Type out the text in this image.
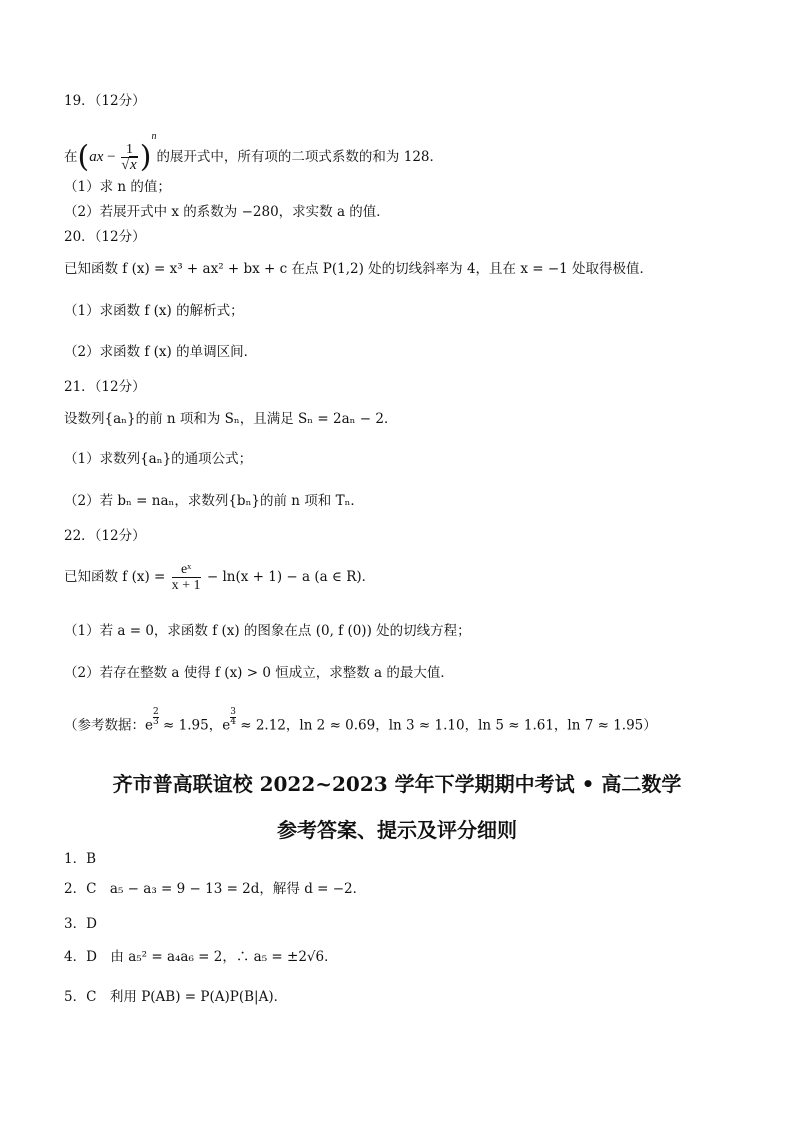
19．（12分）
在$(ax - \frac{1}{√x} )^n$的展开式中，所有项的二项式系数的和为 128．
（1）求 n 的值；
（2）若展开式中 x 的系数为 −280，求实数 a 的值．
20．（12分）
已知函数 f (x) = x³ + ax² + bx + c 在点 P(1,2) 处的切线斜率为 4，且在 x = −1 处取得极值．
（1）求函数 f (x) 的解析式；
（2）求函数 f (x) 的单调区间．
21．（12分）
设数列{aₙ}的前 n 项和为 Sₙ，且满足 Sₙ = 2aₙ − 2．
（1）求数列{aₙ}的通项公式；
（2）若 bₙ = naₙ，求数列{bₙ}的前 n 项和 Tₙ．
22．（12分）
已知函数 f $(x) = \frac{\text{eˣ}}{x + 1} - \ln(x + 1) - a$ (a ∈ R)．
（1）若 a = 0，求函数 f (x) 的图象在点 (0, f (0)) 处的切线方程；
（2）若存在整数 a 使得 f (x) > 0 恒成立，求整数 a 的最大值．
（参考数据：e $\frac{2}{3} \approx 1.95$，e $\frac{3}{4} \approx 2.12$，ln 2 ≈ 0.69，ln 3 ≈ 1.10，ln 5 ≈ 1.61，ln 7 ≈ 1.95）
齐市普高联谊校 2022~2023 学年下学期期中考试 • 高二数学
参考答案、提示及评分细则
1．B
2．C　a₅ − a₃ = 9 − 13 = 2d，解得 d = −2．
3．D
4．D　由 a₅² = a₄a₆ = 2，∴ a₅ = ±2√6．
5．C　利用 P(AB) = P(A)P(B|A)．
